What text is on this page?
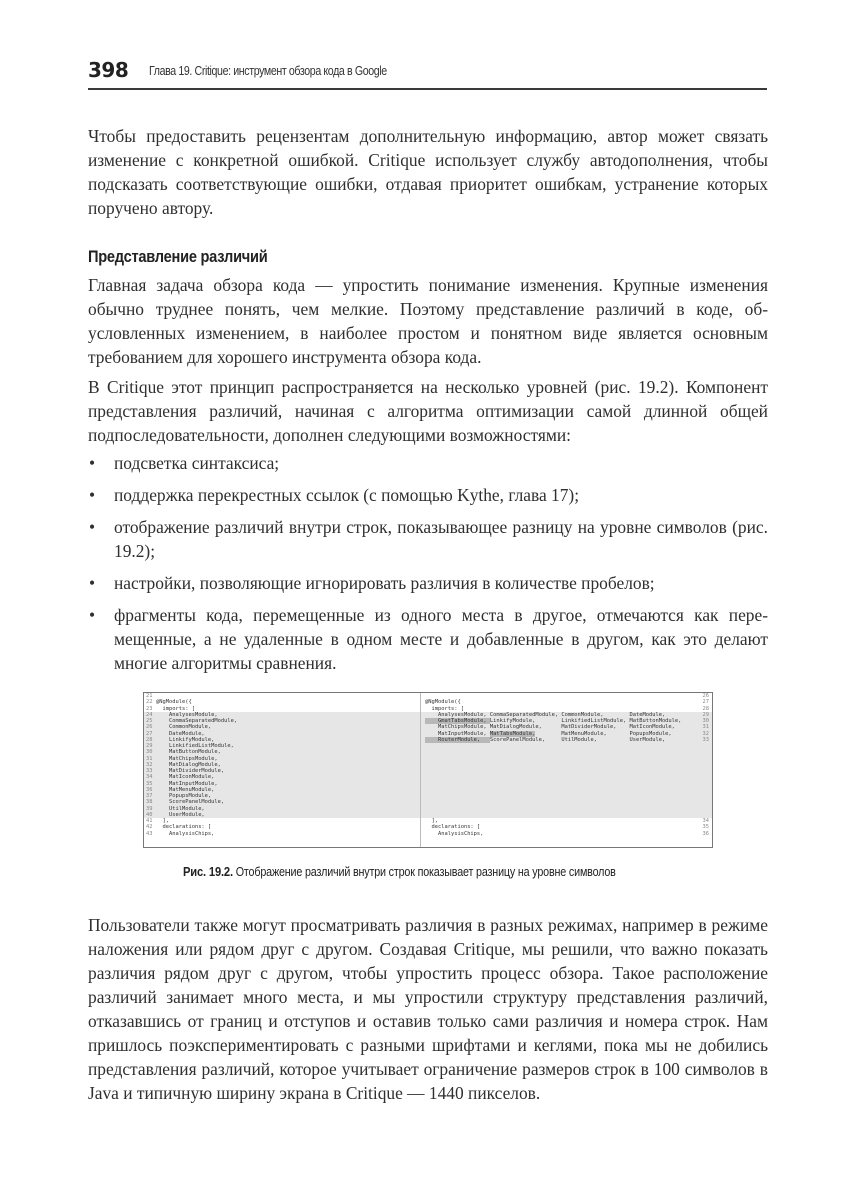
398 Глава 19. Critique: инструмент обзора кода в Google

Чтобы предоставить рецензентам дополнительную информацию, автор может связать изменение с конкретной ошибкой. Critique использует службу автодополнения, чтобы подсказать соответствующие ошибки, отдавая приоритет ошибкам, устранение которых поручено автору.

Представление различий

Главная задача обзора кода — упростить понимание изменения. Крупные изменения обычно труднее понять, чем мелкие. Поэтому представление различий в коде, обусловленных изменением, в наиболее простом и понятном виде является основным требованием для хорошего инструмента обзора кода.

В Critique этот принцип распространяется на несколько уровней (рис. 19.2). Компонент представления различий, начиная с алгоритма оптимизации самой длинной общей подпоследовательности, дополнен следующими возможностями:

• подсветка синтаксиса;
• поддержка перекрестных ссылок (с помощью Kythe, глава 17);
• отображение различий внутри строк, показывающее разницу на уровне символов (рис. 19.2);
• настройки, позволяющие игнорировать различия в количестве пробелов;
• фрагменты кода, перемещенные из одного места в другое, отмечаются как перемещенные, а не удаленные в одном месте и добавленные в другом, как это делают многие алгоритмы сравнения.
21
22 @NgModule({
23  imports: [
24    AnalysesModule,
25    CommaSeparatedModule,
26    CommonModule,
27    DateModule,
28    LinkifyModule,
29    LinkifiedListModule,
30    MatButtonModule,
31    MatChipsModule,
32    MatDialogModule,
33    MatDividerModule,
34    MatIconModule,
35    MatInputModule,
36    MatMenuModule,
37    PopupsModule,
38    ScorePanelModule,
39    UtilModule,
40    UserModule,
41  ],
42  declarations: [
43    AnalysisChips,
26
@NgModule({	27
imports: [	28
AnalysesModule, CommaSeparatedModule, CommonModule,        DateModule,	29
GmatTabsModule, LinkifyModule,        LinkifiedListModule, MatButtonModule,	30
MatChipsModule, MatDialogModule,      MatDividerModule,    MatIconModule,	31
MatInputModule, MatTabsModule,        MatMenuModule,       PopupsModule,	32
RouterModule,   ScorePanelModule,     UtilModule,          UserModule,	33
],	34
declarations: [	35
AnalysisChips,	36
Рис. 19.2. Отображение различий внутри строк показывает разницу на уровне символов

Пользователи также могут просматривать различия в разных режимах, например в режиме наложения или рядом друг с другом. Создавая Critique, мы решили, что важно показать различия рядом друг с другом, чтобы упростить процесс обзора. Такое расположение различий занимает много места, и мы упростили структуру представления различий, отказавшись от границ и отступов и оставив только сами различия и номера строк. Нам пришлось поэкспериментировать с разными шрифтами и кеглями, пока мы не добились представления различий, которое учитывает ограничение размеров строк в 100 символов в Java и типичную ширину экрана в Critique — 1440 пикселов.
